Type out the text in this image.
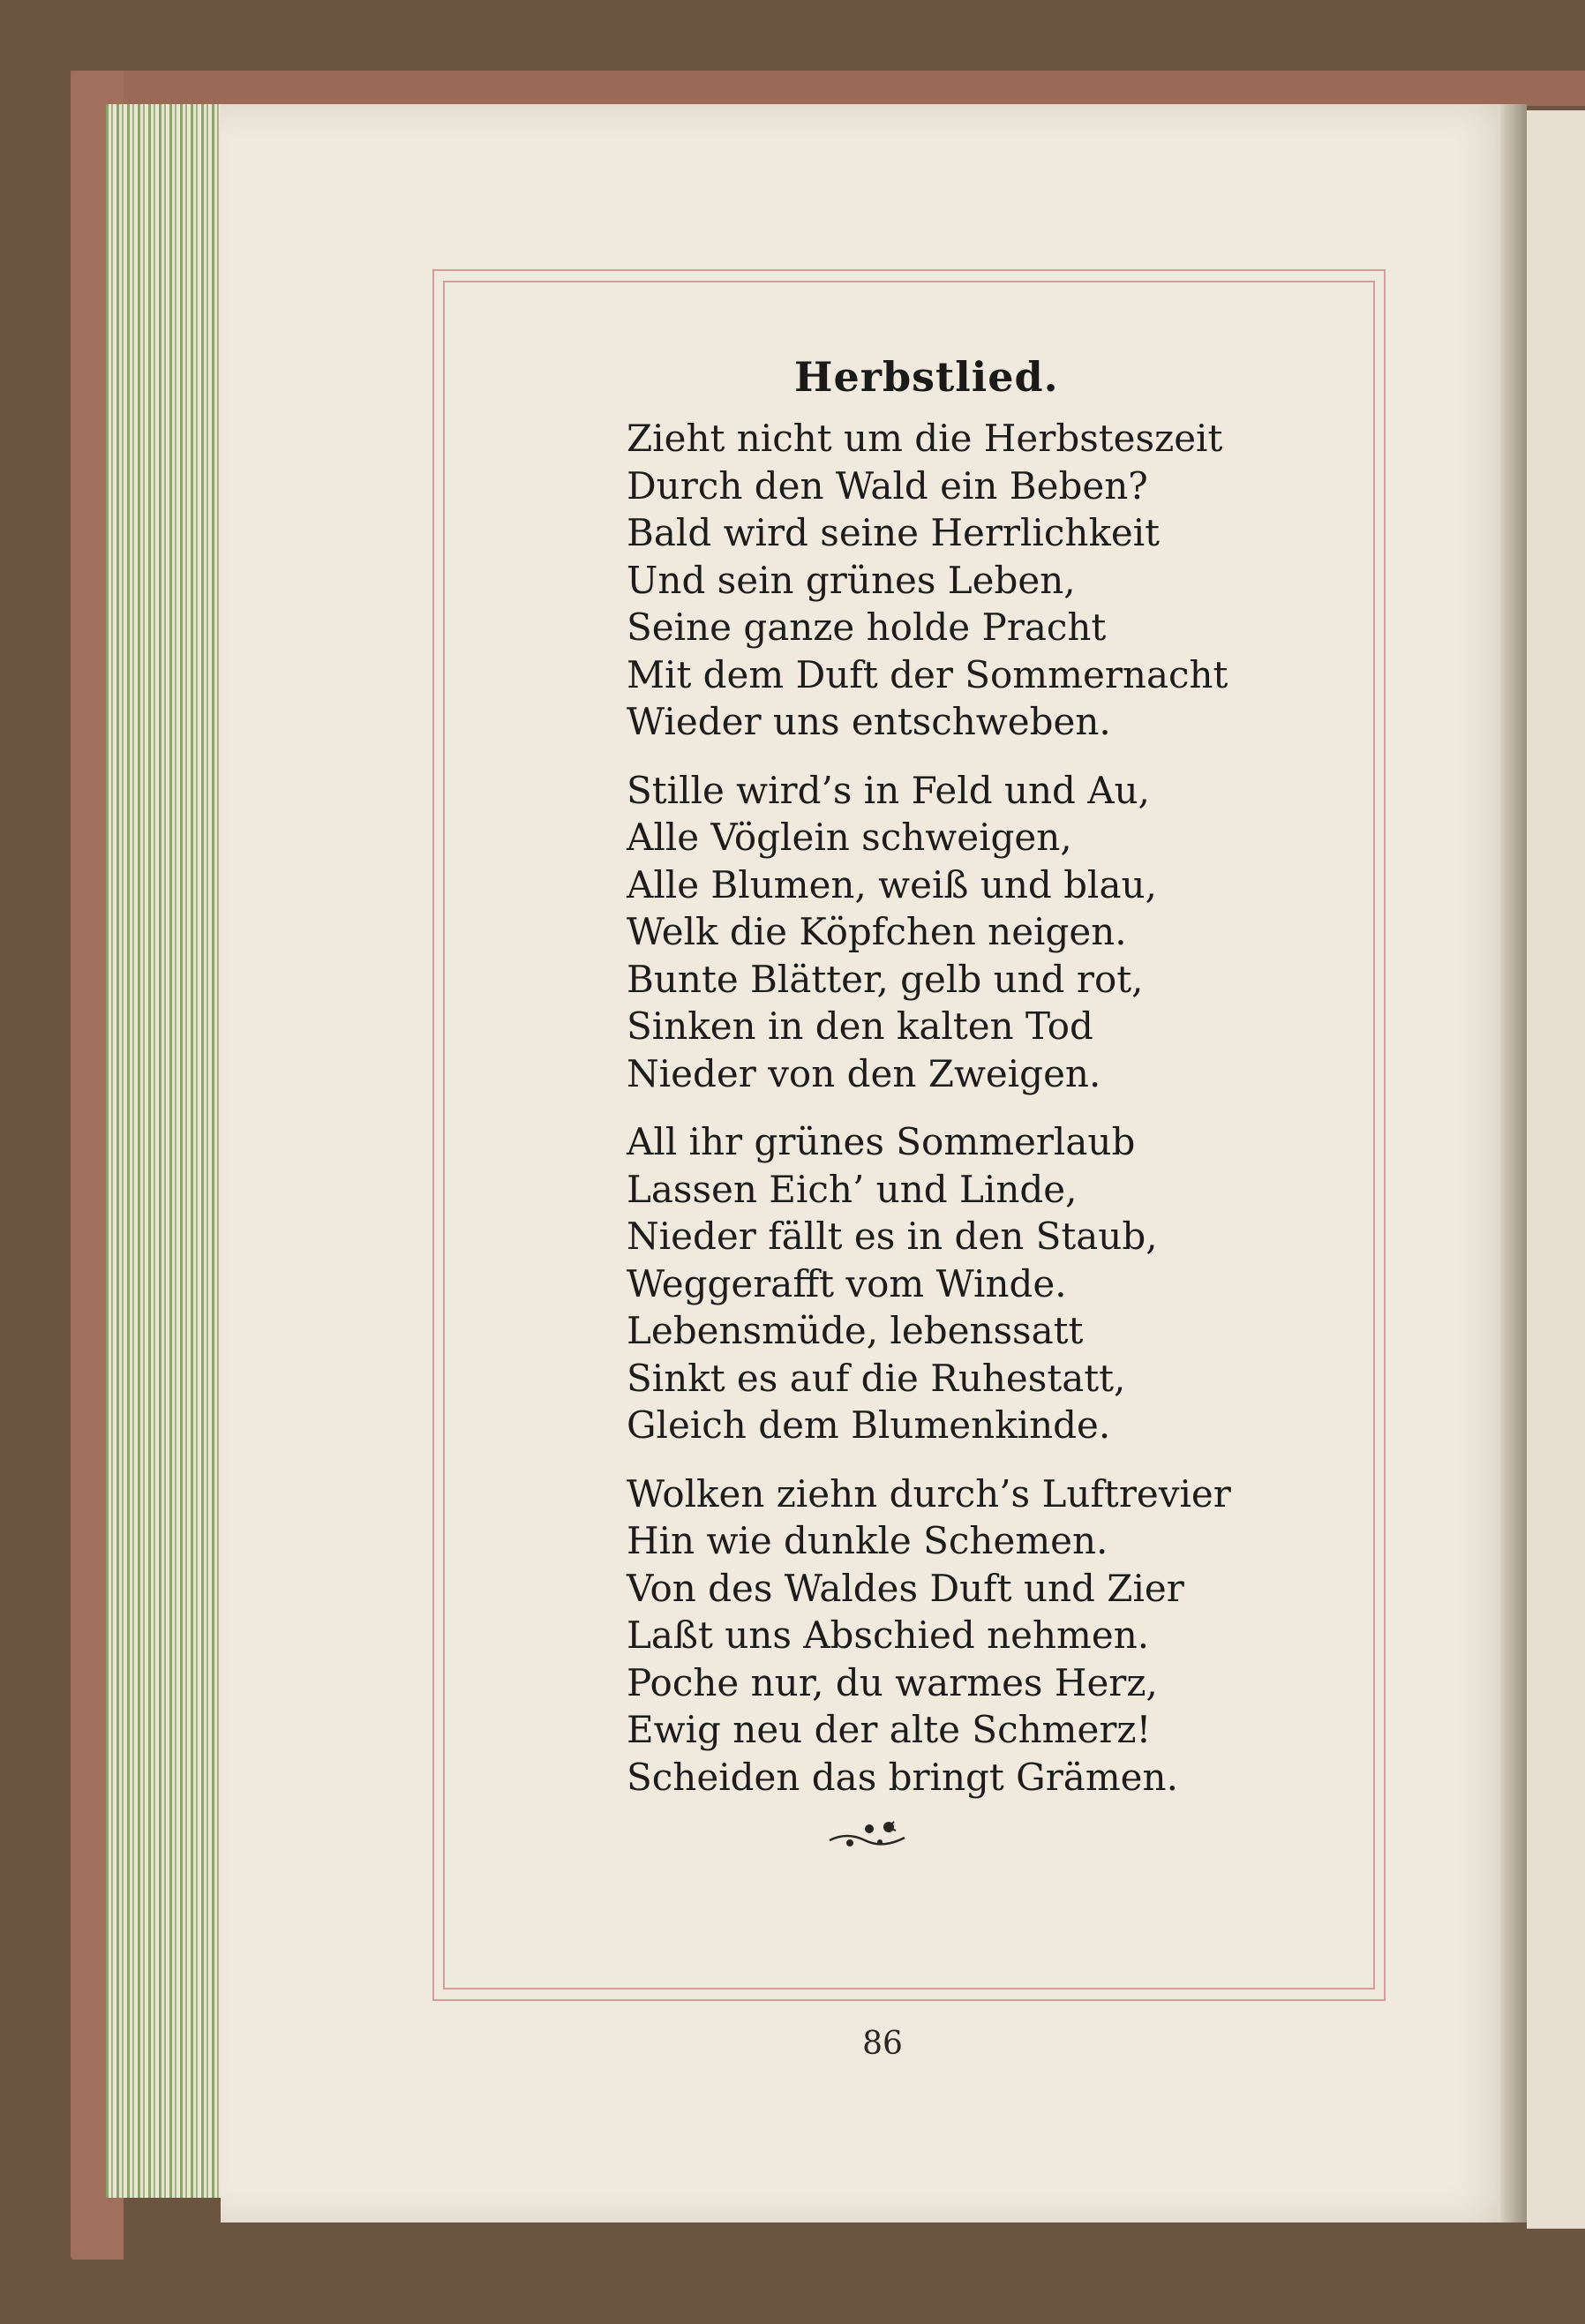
Herbstlied.
Zieht nicht um die Herbsteszeit
Durch den Wald ein Beben?
Bald wird seine Herrlichkeit
Und sein grünes Leben,
Seine ganze holde Pracht
Mit dem Duft der Sommernacht
Wieder uns entschweben.
Stille wird’s in Feld und Au,
Alle Vöglein schweigen,
Alle Blumen, weiß und blau,
Welk die Köpfchen neigen.
Bunte Blätter, gelb und rot,
Sinken in den kalten Tod
Nieder von den Zweigen.
All ihr grünes Sommerlaub
Lassen Eich’ und Linde,
Nieder fällt es in den Staub,
Weggerafft vom Winde.
Lebensmüde, lebenssatt
Sinkt es auf die Ruhestatt,
Gleich dem Blumenkinde.
Wolken ziehn durch’s Luftrevier
Hin wie dunkle Schemen.
Von des Waldes Duft und Zier
Laßt uns Abschied nehmen.
Poche nur, du warmes Herz,
Ewig neu der alte Schmerz!
Scheiden das bringt Grämen.
86
